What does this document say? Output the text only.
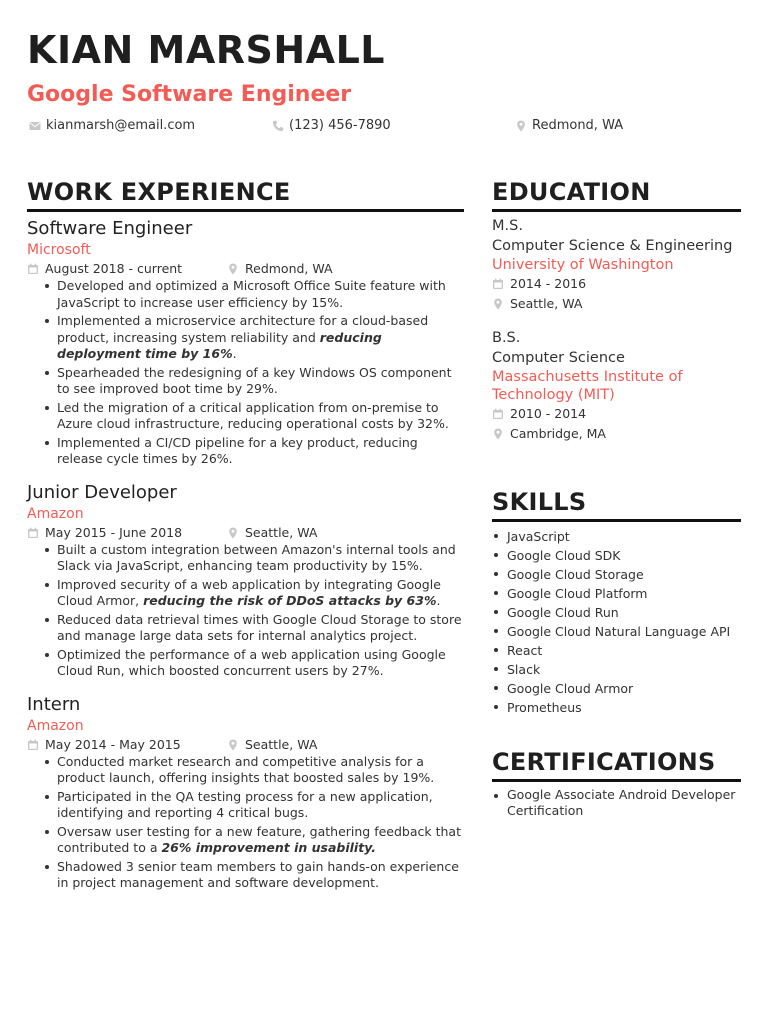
KIAN MARSHALL
Google Software Engineer
kianmarsh@email.com	(123) 456-7890	Redmond, WA
WORK EXPERIENCE	EDUCATION
SKILLS
CERTIFICATIONS
Software Engineer
Microsoft
August 2018 - current	Redmond, WA
Developed and optimized a Microsoft Office Suite feature with JavaScript to increase user efficiency by 15%.
Implemented a microservice architecture for a cloud-based product, increasing system reliability and reducing deployment time by 16%.
Spearheaded the redesigning of a key Windows OS component to see improved boot time by 29%.
Led the migration of a critical application from on-premise to Azure cloud infrastructure, reducing operational costs by 32%.
Implemented a CI/CD pipeline for a key product, reducing release cycle times by 26%.
Junior Developer
Amazon
May 2015 - June 2018	Seattle, WA
Built a custom integration between Amazon's internal tools and Slack via JavaScript, enhancing team productivity by 15%.
Improved security of a web application by integrating Google Cloud Armor, reducing the risk of DDoS attacks by 63%.
Reduced data retrieval times with Google Cloud Storage to store and manage large data sets for internal analytics project.
Optimized the performance of a web application using Google Cloud Run, which boosted concurrent users by 27%.
Intern
Amazon
May 2014 - May 2015	Seattle, WA
Conducted market research and competitive analysis for a product launch, offering insights that boosted sales by 19%.
Participated in the QA testing process for a new application, identifying and reporting 4 critical bugs.
Oversaw user testing for a new feature, gathering feedback that contributed to a 26% improvement in usability.
Shadowed 3 senior team members to gain hands-on experience in project management and software development.
M.S.
Computer Science & Engineering
University of Washington
2014 - 2016
Seattle, WA
B.S.
Computer Science
Massachusetts Institute of Technology (MIT)
2010 - 2014
Cambridge, MA
JavaScript
Google Cloud SDK
Google Cloud Storage
Google Cloud Platform
Google Cloud Run
Google Cloud Natural Language API
React
Slack
Google Cloud Armor
Prometheus
Google Associate Android Developer Certification
